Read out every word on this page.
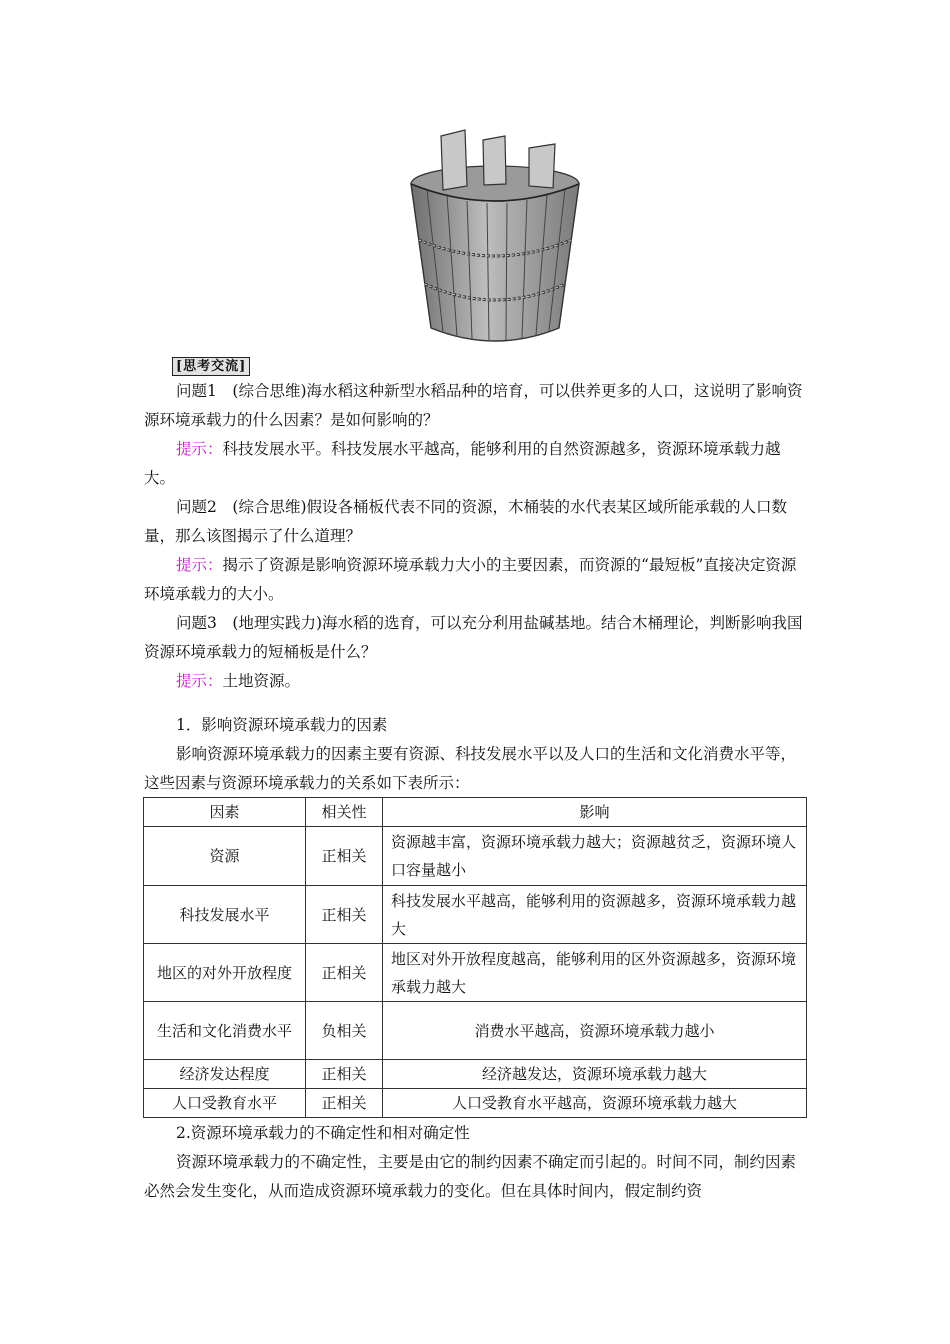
[思考交流]

问题1　 (综合思维)海水稻这种新型水稻品种的培育，可以供养更多的人口，这说明了影响资源环境承载力的什么因素？是如何影响的？

提示：科技发展水平。科技发展水平越高，能够利用的自然资源越多，资源环境承载力越大。

问题2　 (综合思维)假设各桶板代表不同的资源，木桶装的水代表某区域所能承载的人口数量，那么该图揭示了什么道理？

提示：揭示了资源是影响资源环境承载力大小的主要因素，而资源的“最短板”直接决定资源环境承载力的大小。

问题3　 (地理实践力)海水稻的选育，可以充分利用盐碱基地。结合木桶理论，判断影响我国资源环境承载力的短桶板是什么？

提示：土地资源。

1．影响资源环境承载力的因素

影响资源环境承载力的因素主要有资源、科技发展水平以及人口的生活和文化消费水平等，这些因素与资源环境承载力的关系如下表所示：

因素	相关性	影响
资源	正相关	资源越丰富，资源环境承载力越大；资源越贫乏，资源环境人口容量越小
科技发展水平	正相关	科技发展水平越高，能够利用的资源越多，资源环境承载力越大
地区的对外开放程度	正相关	地区对外开放程度越高，能够利用的区外资源越多，资源环境承载力越大
生活和文化消费水平	负相关	消费水平越高，资源环境承载力越小
经济发达程度	正相关	经济越发达，资源环境承载力越大
人口受教育水平	正相关	人口受教育水平越高，资源环境承载力越大

2.资源环境承载力的不确定性和相对确定性

资源环境承载力的不确定性，主要是由它的制约因素不确定而引起的。时间不同，制约因素必然会发生变化，从而造成资源环境承载力的变化。但在具体时间内，假定制约资
